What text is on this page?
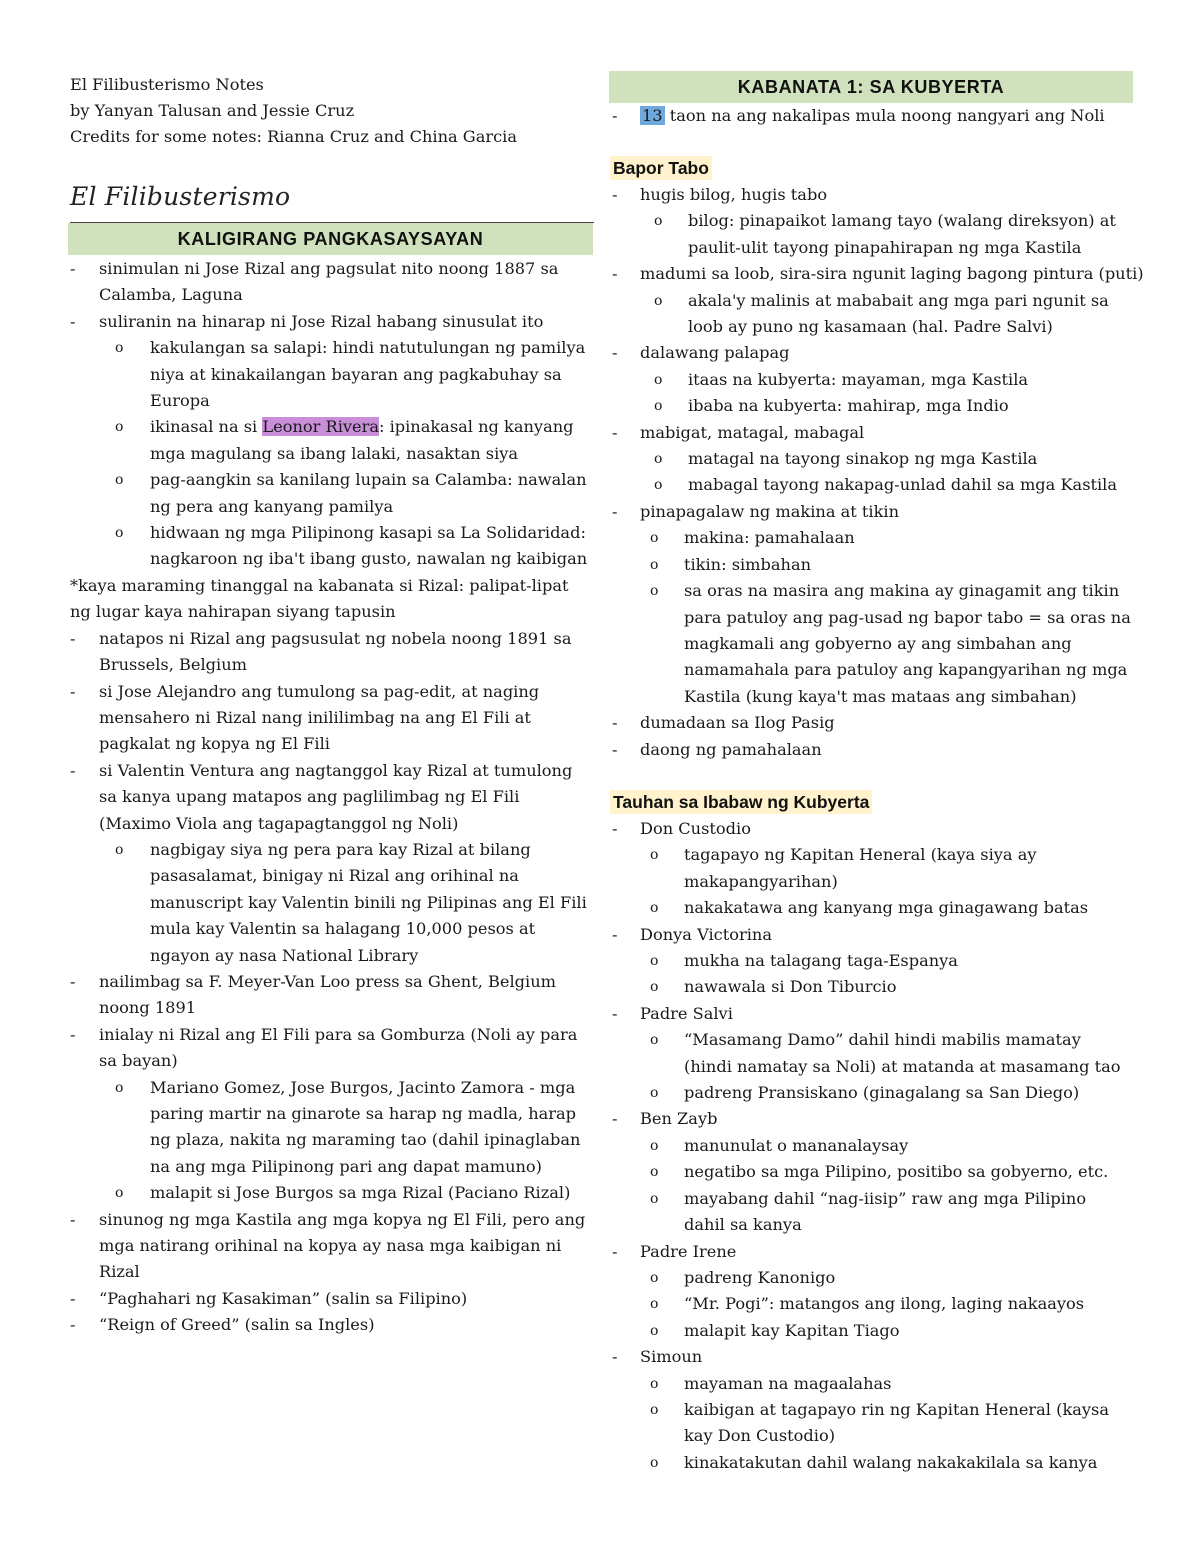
El Filibusterismo Notes
by Yanyan Talusan and Jessie Cruz
Credits for some notes: Rianna Cruz and China Garcia
El Filibusterismo
KALIGIRANG PANGKASAYSAYAN
- sinimulan ni Jose Rizal ang pagsulat nito noong 1887 sa
Calamba, Laguna
- suliranin na hinarap ni Jose Rizal habang sinusulat ito
o kakulangan sa salapi: hindi natutulungan ng pamilya
niya at kinakailangan bayaran ang pagkabuhay sa
Europa
o ikinasal na si Leonor Rivera: ipinakasal ng kanyang
mga magulang sa ibang lalaki, nasaktan siya
o pag-aangkin sa kanilang lupain sa Calamba: nawalan
ng pera ang kanyang pamilya
o hidwaan ng mga Pilipinong kasapi sa La Solidaridad:
nagkaroon ng iba't ibang gusto, nawalan ng kaibigan
*kaya maraming tinanggal na kabanata si Rizal: palipat-lipat
ng lugar kaya nahirapan siyang tapusin
- natapos ni Rizal ang pagsusulat ng nobela noong 1891 sa
Brussels, Belgium
- si Jose Alejandro ang tumulong sa pag-edit, at naging
mensahero ni Rizal nang inililimbag na ang El Fili at
pagkalat ng kopya ng El Fili
- si Valentin Ventura ang nagtanggol kay Rizal at tumulong
sa kanya upang matapos ang paglilimbag ng El Fili
(Maximo Viola ang tagapagtanggol ng Noli)
o nagbigay siya ng pera para kay Rizal at bilang
pasasalamat, binigay ni Rizal ang orihinal na
manuscript kay Valentin binili ng Pilipinas ang El Fili
mula kay Valentin sa halagang 10,000 pesos at
ngayon ay nasa National Library
- nailimbag sa F. Meyer-Van Loo press sa Ghent, Belgium
noong 1891
- inialay ni Rizal ang El Fili para sa Gomburza (Noli ay para
sa bayan)
o Mariano Gomez, Jose Burgos, Jacinto Zamora - mga
paring martir na ginarote sa harap ng madla, harap
ng plaza, nakita ng maraming tao (dahil ipinaglaban
na ang mga Pilipinong pari ang dapat mamuno)
o malapit si Jose Burgos sa mga Rizal (Paciano Rizal)
- sinunog ng mga Kastila ang mga kopya ng El Fili, pero ang
mga natirang orihinal na kopya ay nasa mga kaibigan ni
Rizal
- “Paghahari ng Kasakiman” (salin sa Filipino)
- “Reign of Greed” (salin sa Ingles)
KABANATA 1: SA KUBYERTA
- 13 taon na ang nakalipas mula noong nangyari ang Noli
Bapor Tabo
- hugis bilog, hugis tabo
o bilog: pinapaikot lamang tayo (walang direksyon) at
paulit-ulit tayong pinapahirapan ng mga Kastila
- madumi sa loob, sira-sira ngunit laging bagong pintura (puti)
o akala'y malinis at mababait ang mga pari ngunit sa
loob ay puno ng kasamaan (hal. Padre Salvi)
- dalawang palapag
o itaas na kubyerta: mayaman, mga Kastila
o ibaba na kubyerta: mahirap, mga Indio
- mabigat, matagal, mabagal
o matagal na tayong sinakop ng mga Kastila
o mabagal tayong nakapag-unlad dahil sa mga Kastila
- pinapagalaw ng makina at tikin
o makina: pamahalaan
o tikin: simbahan
o sa oras na masira ang makina ay ginagamit ang tikin
para patuloy ang pag-usad ng bapor tabo = sa oras na
magkamali ang gobyerno ay ang simbahan ang
namamahala para patuloy ang kapangyarihan ng mga
Kastila (kung kaya't mas mataas ang simbahan)
- dumadaan sa Ilog Pasig
- daong ng pamahalaan
Tauhan sa Ibabaw ng Kubyerta
- Don Custodio
o tagapayo ng Kapitan Heneral (kaya siya ay
makapangyarihan)
o nakakatawa ang kanyang mga ginagawang batas
- Donya Victorina
o mukha na talagang taga-Espanya
o nawawala si Don Tiburcio
- Padre Salvi
o “Masamang Damo” dahil hindi mabilis mamatay
(hindi namatay sa Noli) at matanda at masamang tao
o padreng Pransiskano (ginagalang sa San Diego)
- Ben Zayb
o manunulat o mananalaysay
o negatibo sa mga Pilipino, positibo sa gobyerno, etc.
o mayabang dahil “nag-iisip” raw ang mga Pilipino
dahil sa kanya
- Padre Irene
o padreng Kanonigo
o “Mr. Pogi”: matangos ang ilong, laging nakaayos
o malapit kay Kapitan Tiago
- Simoun
o mayaman na magaalahas
o kaibigan at tagapayo rin ng Kapitan Heneral (kaysa
kay Don Custodio)
o kinakatakutan dahil walang nakakakilala sa kanya
